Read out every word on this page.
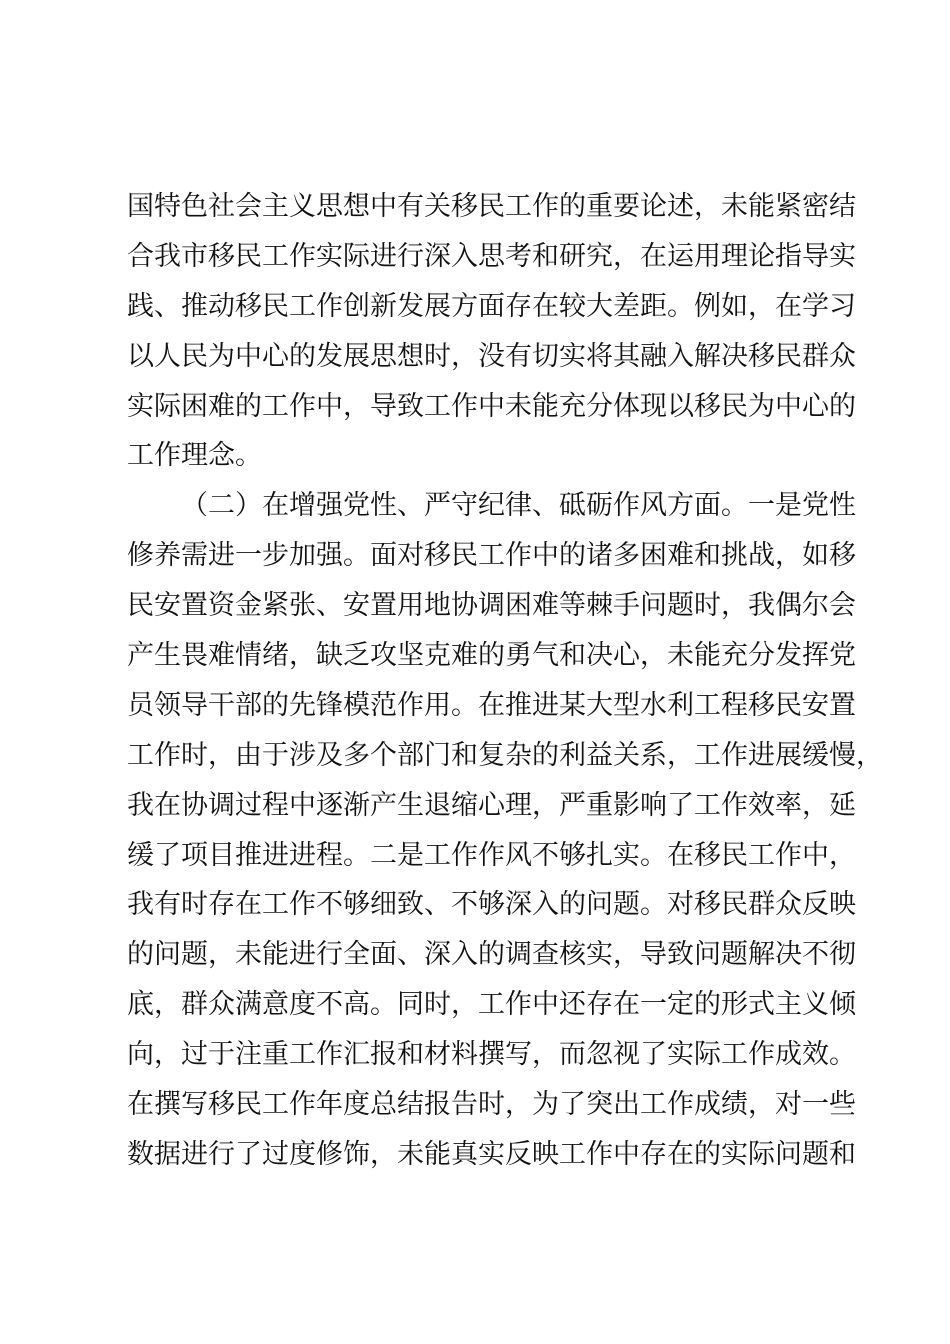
国特色社会主义思想中有关移民工作的重要论述，未能紧密结
合我市移民工作实际进行深入思考和研究，在运用理论指导实
践、推动移民工作创新发展方面存在较大差距。例如，在学习
以人民为中心的发展思想时，没有切实将其融入解决移民群众
实际困难的工作中，导致工作中未能充分体现以移民为中心的
工作理念。
（二）在增强党性、严守纪律、砥砺作风方面。一是党性
修养需进一步加强。面对移民工作中的诸多困难和挑战，如移
民安置资金紧张、安置用地协调困难等棘手问题时，我偶尔会
产生畏难情绪，缺乏攻坚克难的勇气和决心，未能充分发挥党
员领导干部的先锋模范作用。在推进某大型水利工程移民安置
工作时，由于涉及多个部门和复杂的利益关系，工作进展缓慢，
我在协调过程中逐渐产生退缩心理，严重影响了工作效率，延
缓了项目推进进程。二是工作作风不够扎实。在移民工作中，
我有时存在工作不够细致、不够深入的问题。对移民群众反映
的问题，未能进行全面、深入的调查核实，导致问题解决不彻
底，群众满意度不高。同时，工作中还存在一定的形式主义倾
向，过于注重工作汇报和材料撰写，而忽视了实际工作成效。
在撰写移民工作年度总结报告时，为了突出工作成绩，对一些
数据进行了过度修饰，未能真实反映工作中存在的实际问题和
